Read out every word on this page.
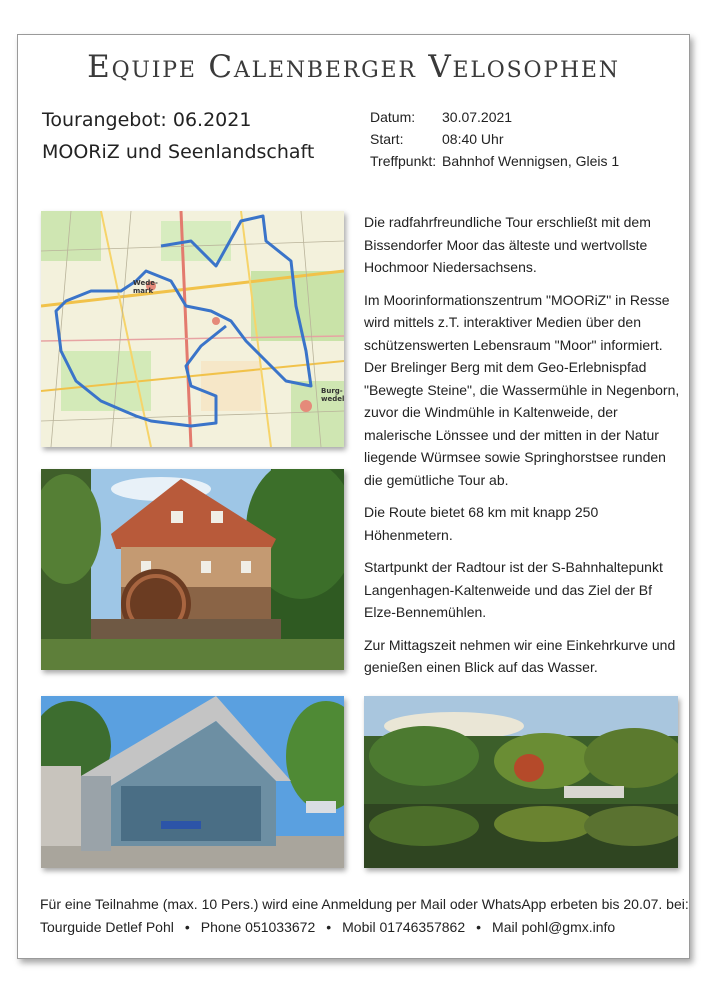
Equipe Calenberger Velosophen
Tourangebot: 06.2021
MOORiZ und Seenlandschaft
Datum:	30.07.2021
Start:	08:40 Uhr
Treffpunkt: Bahnhof Wennigsen, Gleis 1
Wede-
mark
Burg-
wedel

Die radfahrfreundliche Tour erschließt mit dem Bissendorfer Moor das älteste und wertvollste Hochmoor Niedersachsens.

Im Moorinformationszentrum "MOORiZ" in Resse wird mittels z.T. interaktiver Medien über den schützenswerten Lebensraum "Moor" informiert. Der Brelinger Berg mit dem Geo-Erlebnispfad "Bewegte Steine", die Wassermühle in Negenborn, zuvor die Windmühle in Kaltenweide, der malerische Lönssee und der mitten in der Natur liegende Würmsee sowie Springhorstsee runden die gemütliche Tour ab.

Die Route bietet 68 km mit knapp 250 Höhenmetern.

Startpunkt der Radtour ist der S-Bahnhaltepunkt Langenhagen-Kaltenweide und das Ziel der Bf Elze-Bennemühlen.

Zur Mittagszeit nehmen wir eine Einkehrkurve und genießen einen Blick auf das Wasser.

Für eine Teilnahme (max. 10 Pers.) wird eine Anmeldung per Mail oder WhatsApp erbeten bis 20.07. bei:
Tourguide Detlef Pohl • Phone 051033672 • Mobil 01746357862 • Mail pohl@gmx.info
